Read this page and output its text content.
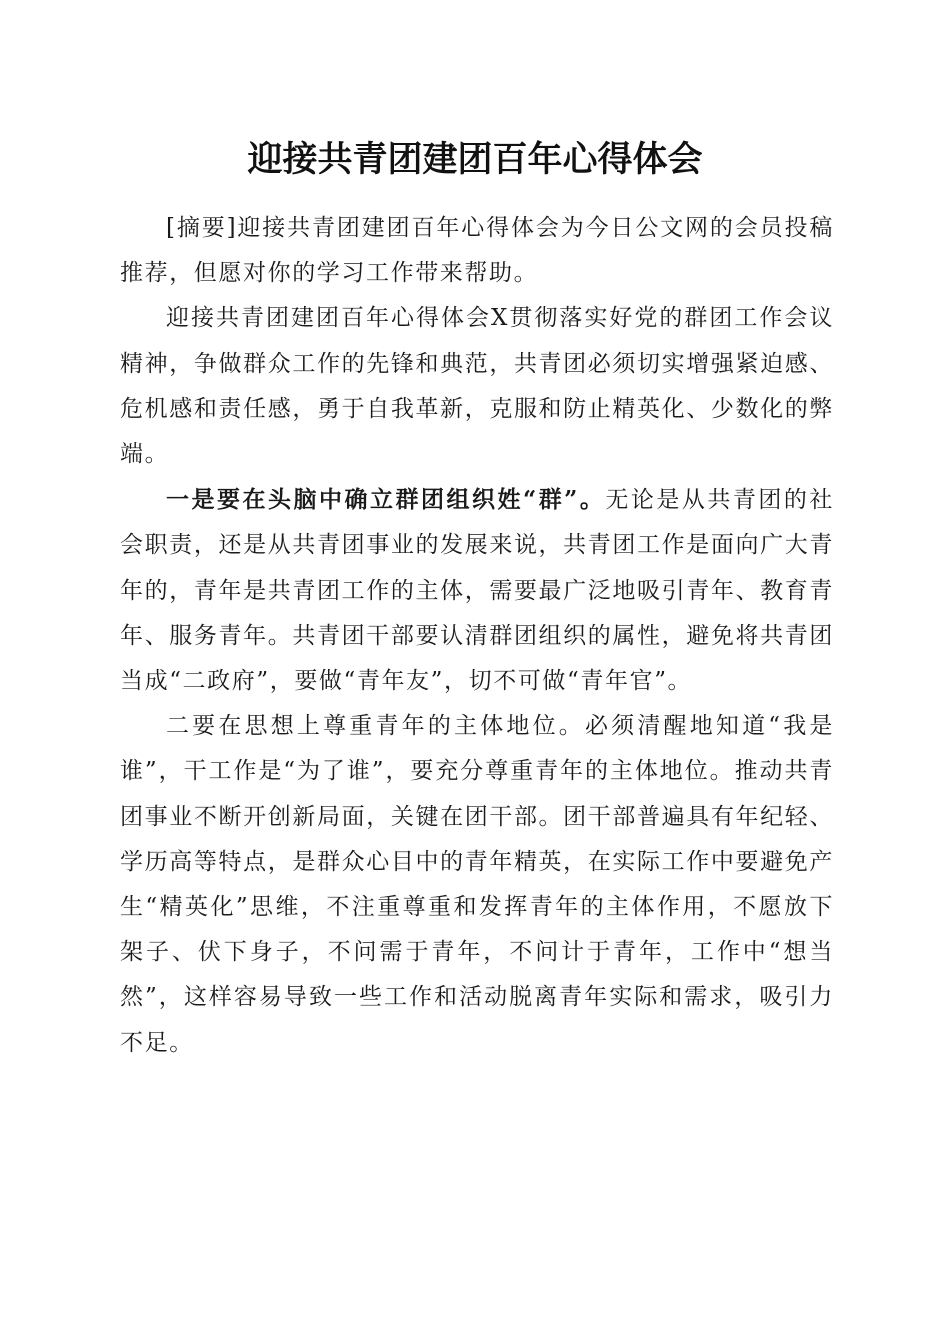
迎接共青团建团百年心得体会

[摘要]迎接共青团建团百年心得体会为今日公文网的会员投稿推荐，但愿对你的学习工作带来帮助。

迎接共青团建团百年心得体会X贯彻落实好党的群团工作会议精神，争做群众工作的先锋和典范，共青团必须切实增强紧迫感、危机感和责任感，勇于自我革新，克服和防止精英化、少数化的弊端。

一是要在头脑中确立群团组织姓“群”。无论是从共青团的社会职责，还是从共青团事业的发展来说，共青团工作是面向广大青年的，青年是共青团工作的主体，需要最广泛地吸引青年、教育青年、服务青年。共青团干部要认清群团组织的属性，避免将共青团当成“二政府”，要做“青年友”，切不可做“青年官”。

二要在思想上尊重青年的主体地位。必须清醒地知道“我是谁”，干工作是“为了谁”，要充分尊重青年的主体地位。推动共青团事业不断开创新局面，关键在团干部。团干部普遍具有年纪轻、学历高等特点，是群众心目中的青年精英，在实际工作中要避免产生“精英化”思维，不注重尊重和发挥青年的主体作用，不愿放下架子、伏下身子，不问需于青年，不问计于青年，工作中“想当然”，这样容易导致一些工作和活动脱离青年实际和需求，吸引力不足。
